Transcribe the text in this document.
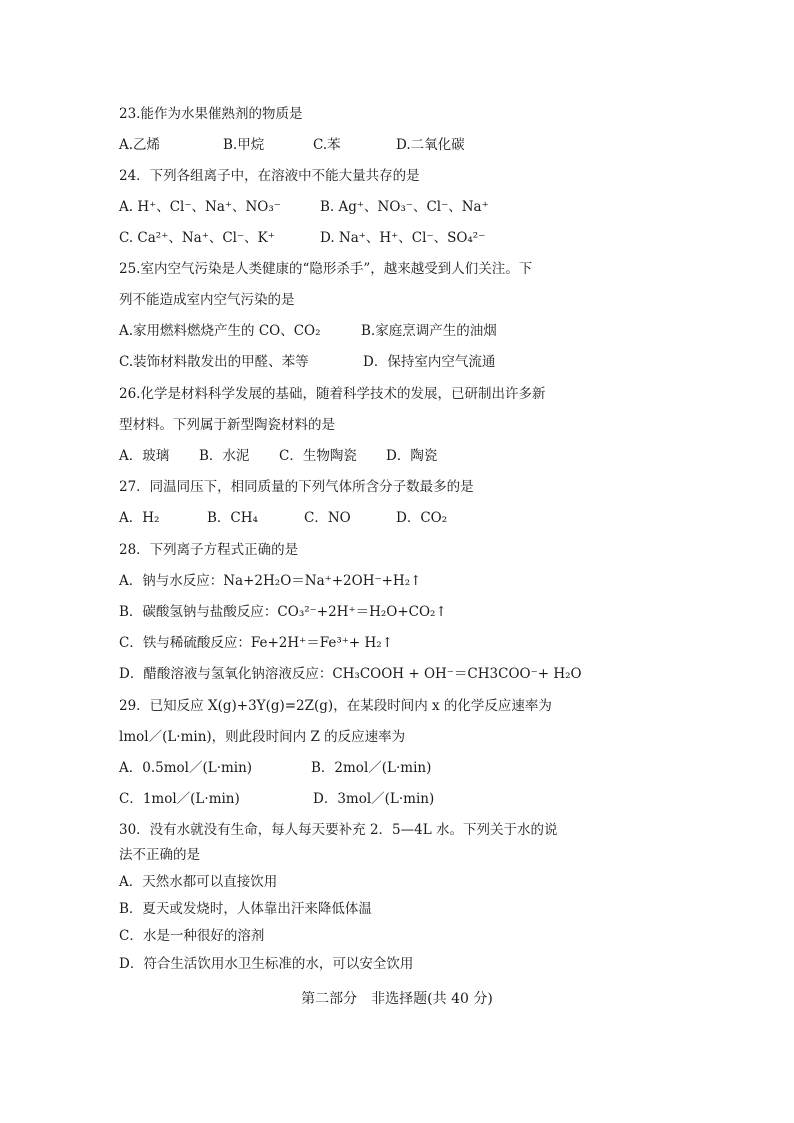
23.能作为水果催熟剂的物质是
A.乙烯	B.甲烷	C.苯	D.二氧化碳
24．下列各组离子中，在溶液中不能大量共存的是
A. H⁺、Cl⁻、Na⁺、NO₃⁻	B. Ag⁺、NO₃⁻、Cl⁻、Na⁺
C. Ca²⁺、Na⁺、Cl⁻、K⁺	D. Na⁺、H⁺、Cl⁻、SO₄²⁻
25.室内空气污染是人类健康的“隐形杀手”，越来越受到人们关注。下
列不能造成室内空气污染的是
A.家用燃料燃烧产生的 CO、CO₂	B.家庭烹调产生的油烟
C.装饰材料散发出的甲醛、苯等	D．保持室内空气流通
26.化学是材料科学发展的基础，随着科学技术的发展，已研制出许多新
型材料。下列属于新型陶瓷材料的是
A．玻璃 B．水泥 C．生物陶瓷 D．陶瓷
27．同温同压下，相同质量的下列气体所含分子数最多的是
A．H₂	B．CH₄	C．NO	D．CO₂
28．下列离子方程式正确的是
A．钠与水反应：Na+2H₂O＝Na⁺+2OH⁻+H₂↑
B．碳酸氢钠与盐酸反应：CO₃²⁻+2H⁺＝H₂O+CO₂↑
C．铁与稀硫酸反应：Fe+2H⁺＝Fe³⁺+ H₂↑
D．醋酸溶液与氢氧化钠溶液反应：CH₃COOH + OH⁻＝CH3COO⁻+ H₂O
29．已知反应 X(g)+3Y(g)=2Z(g)，在某段时间内 x 的化学反应速率为
lmol／(L·min)，则此段时间内 Z 的反应速率为
A．0.5mol／(L·min)	B．2mol／(L·min)
C．1mol／(L·min)	D．3mol／(L·min)
30．没有水就没有生命，每人每天要补充 2．5—4L 水。下列关于水的说
法不正确的是
A．天然水都可以直接饮用
B．夏天或发烧时，人体靠出汗来降低体温
C．水是一种很好的溶剂
D．符合生活饮用水卫生标准的水，可以安全饮用
第二部分　非选择题(共 40 分)
